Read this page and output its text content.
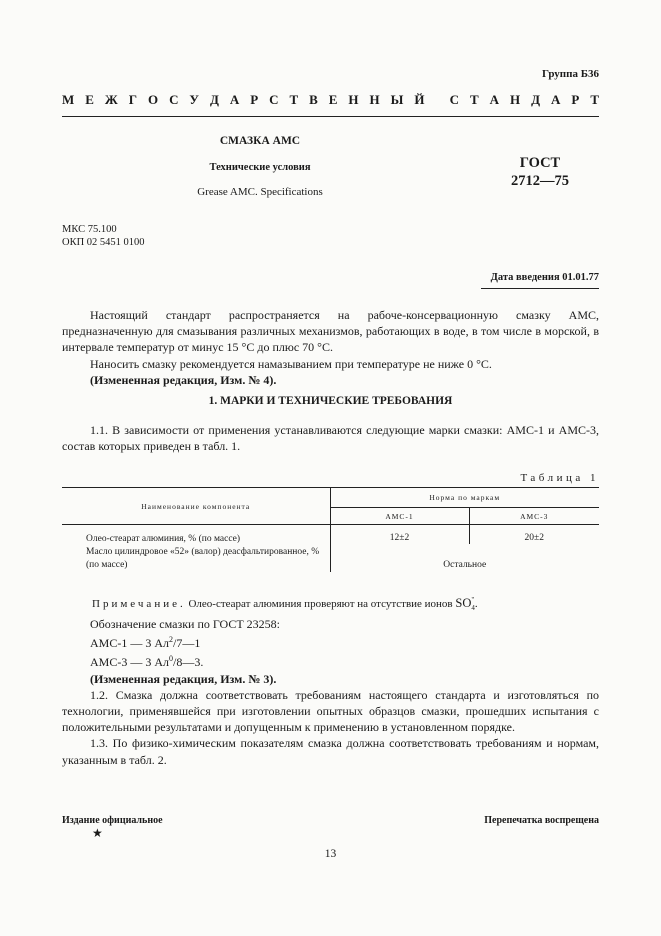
Группа Б36
М Е Ж Г О С У Д А Р С Т В Е Н Н Ы Й
С Т А Н Д А Р Т
СМАЗКА АМС
Технические условия
Grease AMC. Specifications
ГОСТ
2712—75
МКС 75.100
ОКП 02 5451 0100
Дата введения 01.01.77
Настоящий стандарт распространяется на рабоче-консервационную смазку АМС, предназначенную для смазывания различных механизмов, работающих в воде, в том числе в морской, в интервале температур от минус 15 °С до плюс 70 °С.
Наносить смазку рекомендуется намазыванием при температуре не ниже 0 °С.
(Измененная редакция, Изм. № 4).
1. МАРКИ И ТЕХНИЧЕСКИЕ ТРЕБОВАНИЯ
1.1. В зависимости от применения устанавливаются следующие марки смазки: АМС-1 и АМС-3, состав которых приведен в табл. 1.
Таблица 1
Наименование компонента	Норма по маркам	
	АМС-1	АМС-3
Олео-стеарат алюминия, % (по массе)	12±2	20±2
Масло цилиндровое «52» (валор) деасфальтированное, % (по массе)	Остальное	
Примечание. Олео-стеарат алюминия проверяют на отсутствие ионов SO "
4 .
Обозначение смазки по ГОСТ 23258:
АМС-1 — 3 $Ал^2/7—1$
АМС-3 — 3 $Ал^0/8—3$.
(Измененная редакция, Изм. № 3).
1.2. Смазка должна соответствовать требованиям настоящего стандарта и изготовляться по технологии, применявшейся при изготовлении опытных образцов смазки, прошедших испытания с положительными результатами и допущенным к применению в установленном порядке.
1.3. По физико-химическим показателям смазка должна соответствовать требованиям и нормам, указанным в табл. 2.
Издание официальное
★
Перепечатка воспрещена
13
